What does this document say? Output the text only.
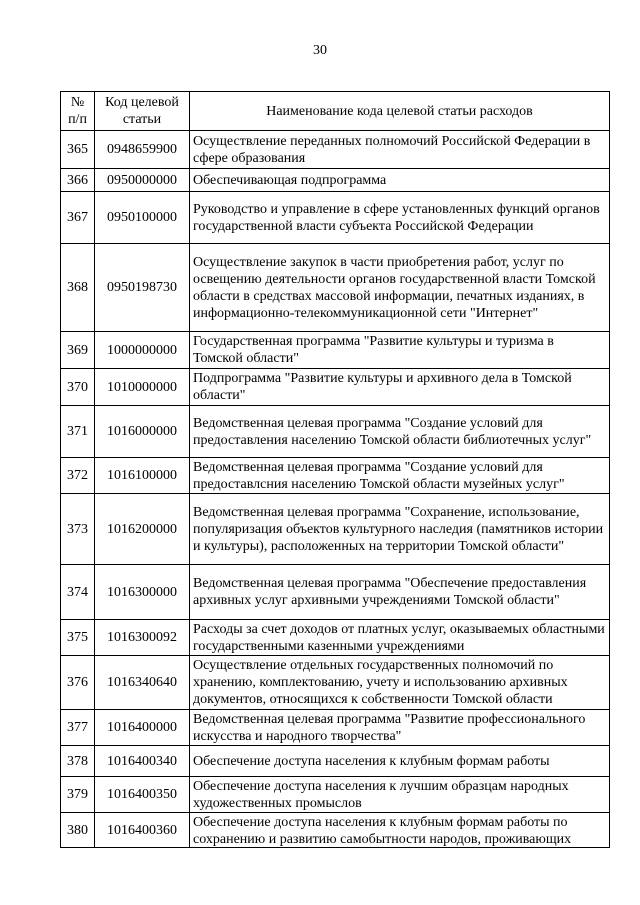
30
№ п/п	Код целевой статьи	Наименование кода целевой статьи расходов
365	0948659900	Осуществление переданных полномочий Российской Федерации в сфере образования
366	0950000000	Обеспечивающая подпрограмма
367	0950100000	Руководство и управление в сфере установленных функций органов государственной власти субъекта Российской Федерации
368	0950198730	Осуществление закупок в части приобретения работ, услуг по освещению деятельности органов государственной власти Томской области в средствах массовой информации, печатных изданиях, в информационно-телекоммуникационной сети "Интернет"
369	1000000000	Государственная программа "Развитие культуры и туризма в Томской области"
370	1010000000	Подпрограмма "Развитие культуры и архивного дела в Томской области"
371	1016000000	Ведомственная целевая программа "Создание условий для предоставления населению Томской области библиотечных услуг"
372	1016100000	Ведомственная целевая программа "Создание условий для предоставлсния населению Томской области музейных услуг"
373	1016200000	Ведомственная целевая программа "Сохранение, использование, популяризация объектов культурного наследия (памятников истории и культуры), расположенных на территории Томской области"
374	1016300000	Ведомственная целевая программа "Обеспечение предоставления архивных услуг архивными учреждениями Томской области"
375	1016300092	Расходы за счет доходов от платных услуг, оказываемых областными государственными казенными учреждениями
376	1016340640	Осуществление отдельных государственных полномочий по хранению, комплектованию, учету и использованию архивных документов, относящихся к собственности Томской области
377	1016400000	Ведомственная целевая программа "Развитие профессионального искусства и народного творчества"
378	1016400340	Обеспечение доступа населения к клубным формам работы
379	1016400350	Обеспечение доступа населения к лучшим образцам народных художественных промыслов
380	1016400360	Обеспечение доступа населения к клубным формам работы по сохранению и развитию самобытности народов, проживающих
